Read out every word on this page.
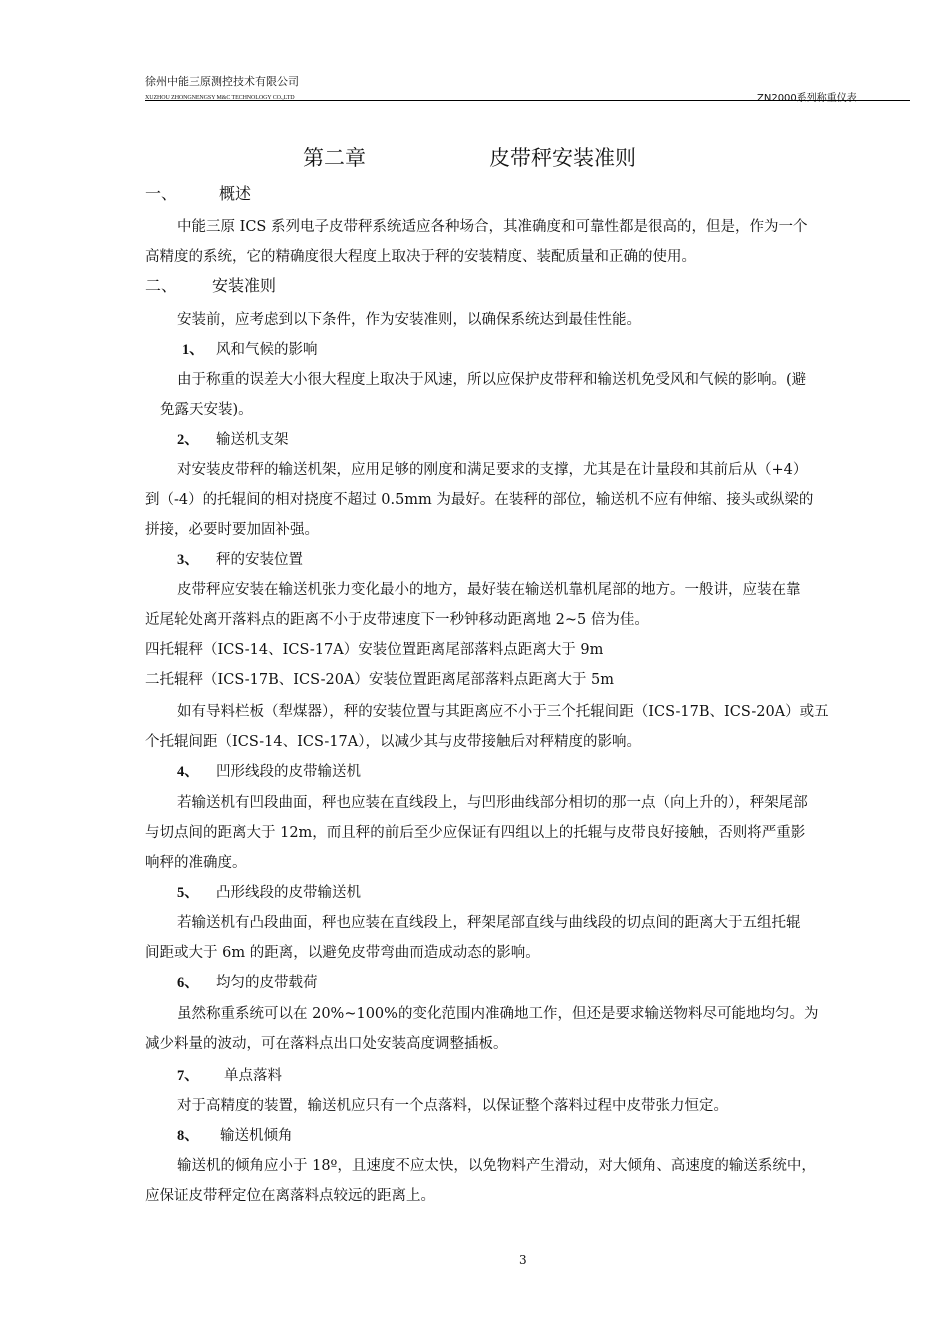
徐州中能三原测控技术有限公司
XUZHOU ZHONGNENGSY M&C TECHNOLOGY CO.,LTD	ZN2000系列称重仪表
第二章	皮带秤安装准则
一、	概述
中能三原 ICS 系列电子皮带秤系统适应各种场合，其准确度和可靠性都是很高的，但是，作为一个
高精度的系统，它的精确度很大程度上取决于秤的安装精度、装配质量和正确的使用。
二、 安装准则
安装前，应考虑到以下条件，作为安装准则，以确保系统达到最佳性能。
1、 风和气候的影响
由于称重的误差大小很大程度上取决于风速，所以应保护皮带秤和输送机免受风和气候的影响。(避
免露天安装)。
2、 输送机支架
对安装皮带秤的输送机架，应用足够的刚度和满足要求的支撑，尤其是在计量段和其前后从（+4）
到（-4）的托辊间的相对挠度不超过 0.5mm 为最好。在装秤的部位，输送机不应有伸缩、接头或纵梁的
拼接，必要时要加固补强。
3、 秤的安装位置
皮带秤应安装在输送机张力变化最小的地方，最好装在输送机靠机尾部的地方。一般讲，应装在靠
近尾轮处离开落料点的距离不小于皮带速度下一秒钟移动距离地 2~5 倍为佳。
四托辊秤（ICS-14、ICS-17A）安装位置距离尾部落料点距离大于 9m
二托辊秤（ICS-17B、ICS-20A）安装位置距离尾部落料点距离大于 5m
如有导料栏板（犁煤器），秤的安装位置与其距离应不小于三个托辊间距（ICS-17B、ICS-20A）或五
个托辊间距（ICS-14、ICS-17A），以减少其与皮带接触后对秤精度的影响。
4、 凹形线段的皮带输送机
若输送机有凹段曲面，秤也应装在直线段上，与凹形曲线部分相切的那一点（向上升的），秤架尾部
与切点间的距离大于 12m，而且秤的前后至少应保证有四组以上的托辊与皮带良好接触，否则将严重影
响秤的准确度。
5、 凸形线段的皮带输送机
若输送机有凸段曲面，秤也应装在直线段上，秤架尾部直线与曲线段的切点间的距离大于五组托辊
间距或大于 6m 的距离，以避免皮带弯曲而造成动态的影响。
6、 均匀的皮带载荷
虽然称重系统可以在 20%~100%的变化范围内准确地工作，但还是要求输送物料尽可能地均匀。为
减少料量的波动，可在落料点出口处安装高度调整插板。
7、 单点落料
对于高精度的装置，输送机应只有一个点落料，以保证整个落料过程中皮带张力恒定。
8、 输送机倾角
输送机的倾角应小于 18º，且速度不应太快，以免物料产生滑动，对大倾角、高速度的输送系统中，
应保证皮带秤定位在离落料点较远的距离上。
3
